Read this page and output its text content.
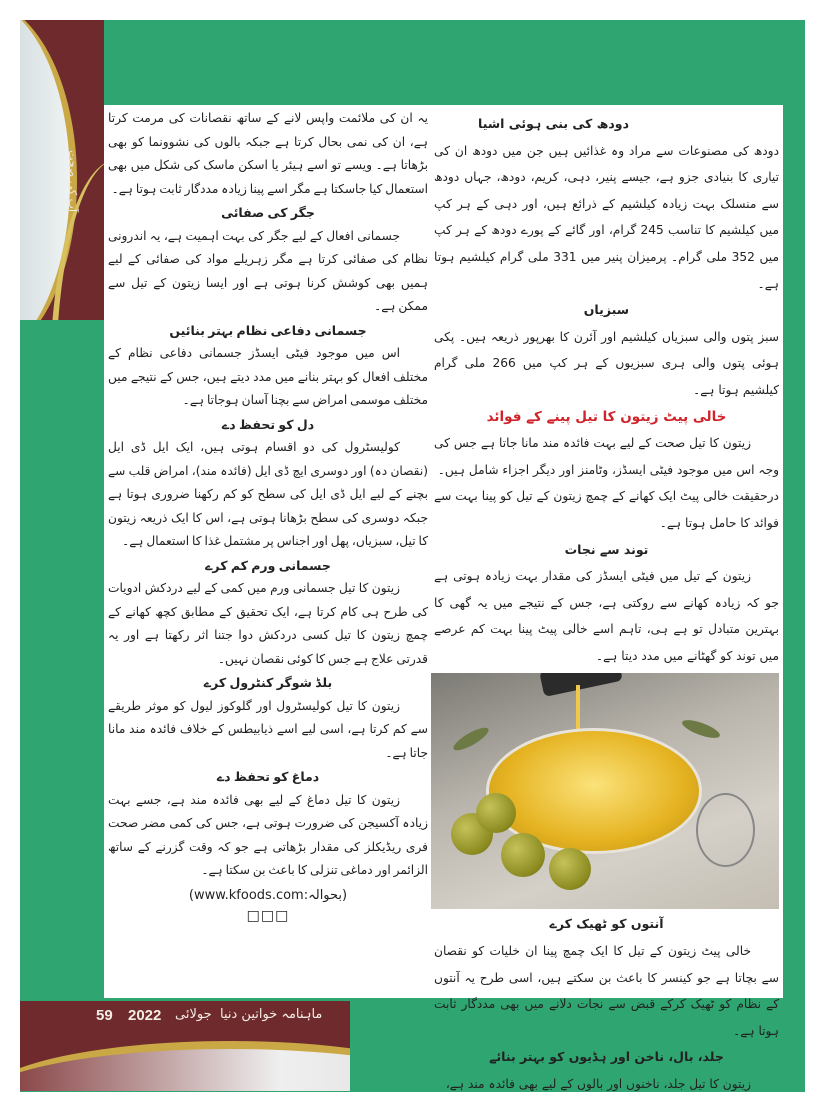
آپ کی صحت
دودھ کی بنی ہوئی اشیا

دودھ کی مصنوعات سے مراد وہ غذائیں ہیں جن میں دودھ ان کی تیاری کا بنیادی جزو ہے، جیسے پنیر، دہی، کریم، دودھ، جہاں دودھ سے منسلک بہت زیادہ کیلشیم کے ذرائع ہیں، اور دہی کے ہر کپ میں کیلشیم کا تناسب 245 گرام، اور گائے کے پورے دودھ کے ہر کپ میں 352 ملی گرام۔ پرمیزان پنیر میں 331 ملی گرام کیلشیم ہوتا ہے۔

سبزیاں

سبز پتوں والی سبزیاں کیلشیم اور آئرن کا بھرپور ذریعہ ہیں۔ پکی ہوئی پتوں والی ہری سبزیوں کے ہر کپ میں 266 ملی گرام کیلشیم ہوتا ہے۔

خالی پیٹ زیتون کا تیل پینے کے فوائد

زیتون کا تیل صحت کے لیے بہت فائدہ مند مانا جاتا ہے جس کی وجہ اس میں موجود فیٹی ایسڈز، وٹامنز اور دیگر اجزاء شامل ہیں۔

درحقیقت خالی پیٹ ایک کھانے کے چمچ زیتون کے تیل کو پینا بہت سے فوائد کا حامل ہوتا ہے۔

توند سے نجات

زیتون کے تیل میں فیٹی ایسڈز کی مقدار بہت زیادہ ہوتی ہے جو کہ زیادہ کھانے سے روکتی ہے، جس کے نتیجے میں یہ گھی کا بہترین متبادل تو ہے ہی، تاہم اسے خالی پیٹ پینا بہت کم عرصے میں توند کو گھٹانے میں مدد دیتا ہے۔

آنتوں کو ٹھیک کرے

خالی پیٹ زیتون کے تیل کا ایک چمچ پینا ان خلیات کو نقصان سے بچاتا ہے جو کینسر کا باعث بن سکتے ہیں، اسی طرح یہ آنتوں کے نظام کو ٹھیک کرکے قبض سے نجات دلانے میں بھی مددگار ثابت ہوتا ہے۔

جلد، بال، ناخن اور ہڈیوں کو بہتر بنائے

زیتون کا تیل جلد، ناخنوں اور بالوں کے لیے بھی فائدہ مند ہے،

یہ ان کی ملائمت واپس لانے کے ساتھ نقصانات کی مرمت کرتا ہے، ان کی نمی بحال کرتا ہے جبکہ بالوں کی نشوونما کو بھی بڑھاتا ہے۔ ویسے تو اسے ہیئر یا اسکن ماسک کی شکل میں بھی استعمال کیا جاسکتا ہے مگر اسے پینا زیادہ مددگار ثابت ہوتا ہے۔

جگر کی صفائی

جسمانی افعال کے لیے جگر کی بہت اہمیت ہے، یہ اندرونی نظام کی صفائی کرتا ہے مگر زہریلے مواد کی صفائی کے لیے ہمیں بھی کوشش کرنا ہوتی ہے اور ایسا زیتون کے تیل سے ممکن ہے۔

جسمانی دفاعی نظام بہتر بنائیں

اس میں موجود فیٹی ایسڈز جسمانی دفاعی نظام کے مختلف افعال کو بہتر بنانے میں مدد دیتے ہیں، جس کے نتیجے میں مختلف موسمی امراض سے بچنا آسان ہوجاتا ہے۔

دل کو تحفظ دے

کولیسٹرول کی دو اقسام ہوتی ہیں، ایک ایل ڈی ایل (نقصان دہ) اور دوسری ایچ ڈی ایل (فائدہ مند)، امراض قلب سے بچنے کے لیے ایل ڈی ایل کی سطح کو کم رکھنا ضروری ہوتا ہے جبکہ دوسری کی سطح بڑھانا ہوتی ہے، اس کا ایک ذریعہ زیتون کا تیل، سبزیاں، پھل اور اجناس پر مشتمل غذا کا استعمال ہے۔

جسمانی ورم کم کرے

زیتون کا تیل جسمانی ورم میں کمی کے لیے دردکش ادویات کی طرح ہی کام کرتا ہے، ایک تحقیق کے مطابق کچھ کھانے کے چمچ زیتون کا تیل کسی دردکش دوا جتنا اثر رکھتا ہے اور یہ قدرتی علاج ہے جس کا کوئی نقصان نہیں۔

بلڈ شوگر کنٹرول کرے

زیتون کا تیل کولیسٹرول اور گلوکوز لیول کو موثر طریقے سے کم کرتا ہے، اسی لیے اسے ذیابیطس کے خلاف فائدہ مند مانا جاتا ہے۔

دماغ کو تحفظ دے

زیتون کا تیل دماغ کے لیے بھی فائدہ مند ہے، جسے بہت زیادہ آکسیجن کی ضرورت ہوتی ہے، جس کی کمی مضر صحت فری ریڈیکلز کی مقدار بڑھاتی ہے جو کہ وقت گزرنے کے ساتھ الزائمر اور دماغی تنزلی کا باعث بن سکتا ہے۔

(www.kfoods.com:بحوالہ)
□□□
ماہنامہ خواتین دنیا
جولائی
2022
59
